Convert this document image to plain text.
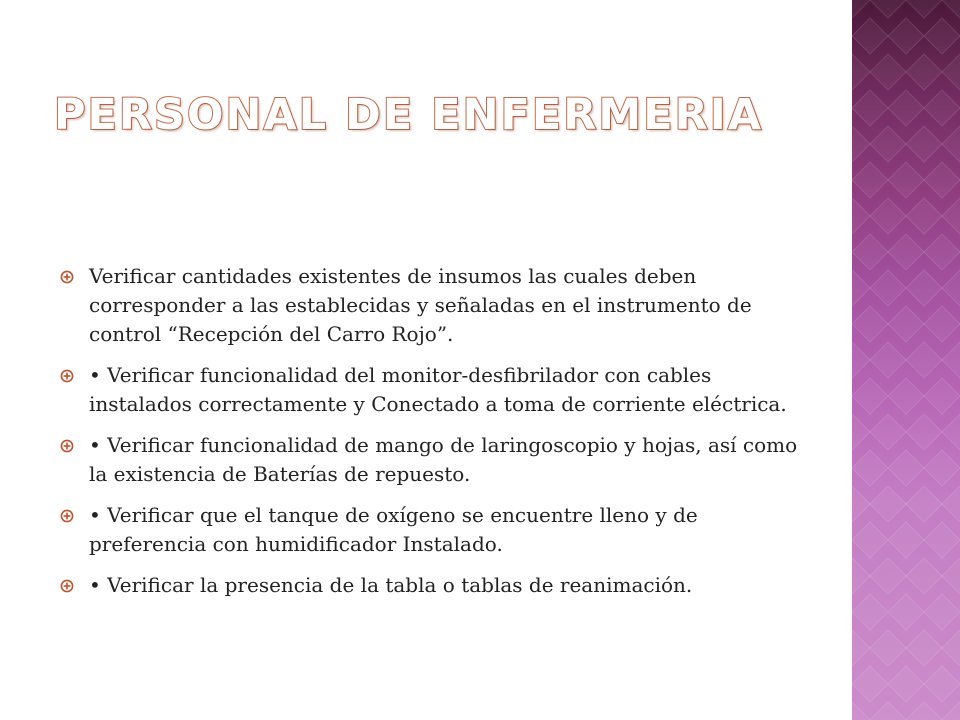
PERSONAL DE ENFERMERIA
Verificar cantidades existentes de insumos las cuales deben corresponder a las establecidas y señaladas en el instrumento de control “Recepción del Carro Rojo”.
• Verificar funcionalidad del monitor-desfibrilador con cables instalados correctamente y Conectado a toma de corriente eléctrica.
• Verificar funcionalidad de mango de laringoscopio y hojas, así como la existencia de Baterías de repuesto.
• Verificar que el tanque de oxígeno se encuentre lleno y de preferencia con humidificador Instalado.
• Verificar la presencia de la tabla o tablas de reanimación.
